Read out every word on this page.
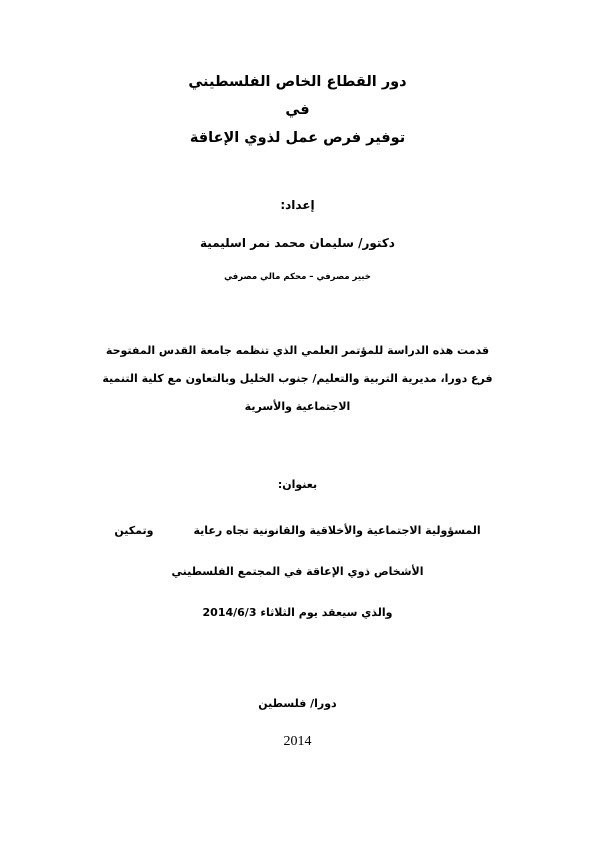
دور القطاع الخاص الفلسطيني
في
توفير فرص عمل لذوي الإعاقة
إعداد:
دكتور/ سليمان محمد نمر اسليمية
خبير مصرفي – محكم مالي مصرفي
قدمت هذه الدراسة للمؤتمر العلمي الذي تنظمه جامعة القدس المفتوحة
فرع دورا، مديرية التربية والتعليم/ جنوب الخليل وبالتعاون مع كلية التنمية
الاجتماعية والأسرية
بعنوان:
المسؤولية الاجتماعية والأخلاقية والقانونية تجاه رعايةوتمكين
الأشخاص ذوي الإعاقة في المجتمع الفلسطيني
والذي سيعقد يوم الثلاثاء 2014/6/3
دورا/ فلسطين
2014
